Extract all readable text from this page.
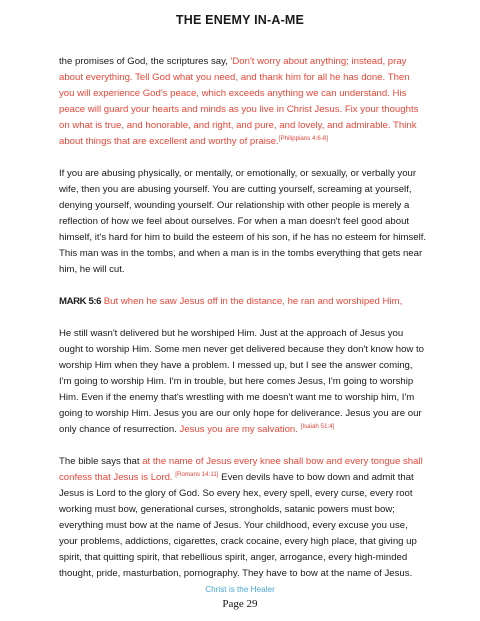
THE ENEMY IN-A-ME

the promises of God, the scriptures say, 'Don't worry about anything; instead, pray about everything. Tell God what you need, and thank him for all he has done. Then you will experience God's peace, which exceeds anything we can understand. His peace will guard your hearts and minds as you live in Christ Jesus. Fix your thoughts on what is true, and honorable, and right, and pure, and lovely, and admirable. Think about things that are excellent and worthy of praise.[Philippians 4:6-8]

If you are abusing physically, or mentally, or emotionally, or sexually, or verbally your wife, then you are abusing yourself. You are cutting yourself, screaming at yourself, denying yourself, wounding yourself. Our relationship with other people is merely a reflection of how we feel about ourselves. For when a man doesn't feel good about himself, it's hard for him to build the esteem of his son, if he has no esteem for himself. This man was in the tombs, and when a man is in the tombs everything that gets near him, he will cut.

MARK 5:6 But when he saw Jesus off in the distance, he ran and worshiped Him,

He still wasn't delivered but he worshiped Him. Just at the approach of Jesus you ought to worship Him. Some men never get delivered because they don't know how to worship Him when they have a problem. I messed up, but I see the answer coming, I'm going to worship Him. I'm in trouble, but here comes Jesus, I'm going to worship Him. Even if the enemy that's wrestling with me doesn't want me to worship him, I'm going to worship Him. Jesus you are our only hope for deliverance. Jesus you are our only chance of resurrection. Jesus you are my salvation. [Isaiah 51:4]

The bible says that at the name of Jesus every knee shall bow and every tongue shall confess that Jesus is Lord. [Romans 14:11] Even devils have to bow down and admit that Jesus is Lord to the glory of God. So every hex, every spell, every curse, every root working must bow, generational curses, strongholds, satanic powers must bow; everything must bow at the name of Jesus. Your childhood, every excuse you use, your problems, addictions, cigarettes, crack cocaine, every high place, that giving up spirit, that quitting spirit, that rebellious spirit, anger, arrogance, every high-minded thought, pride, masturbation, pornography. They have to bow at the name of Jesus.

Christ is the Healer
Page 29
